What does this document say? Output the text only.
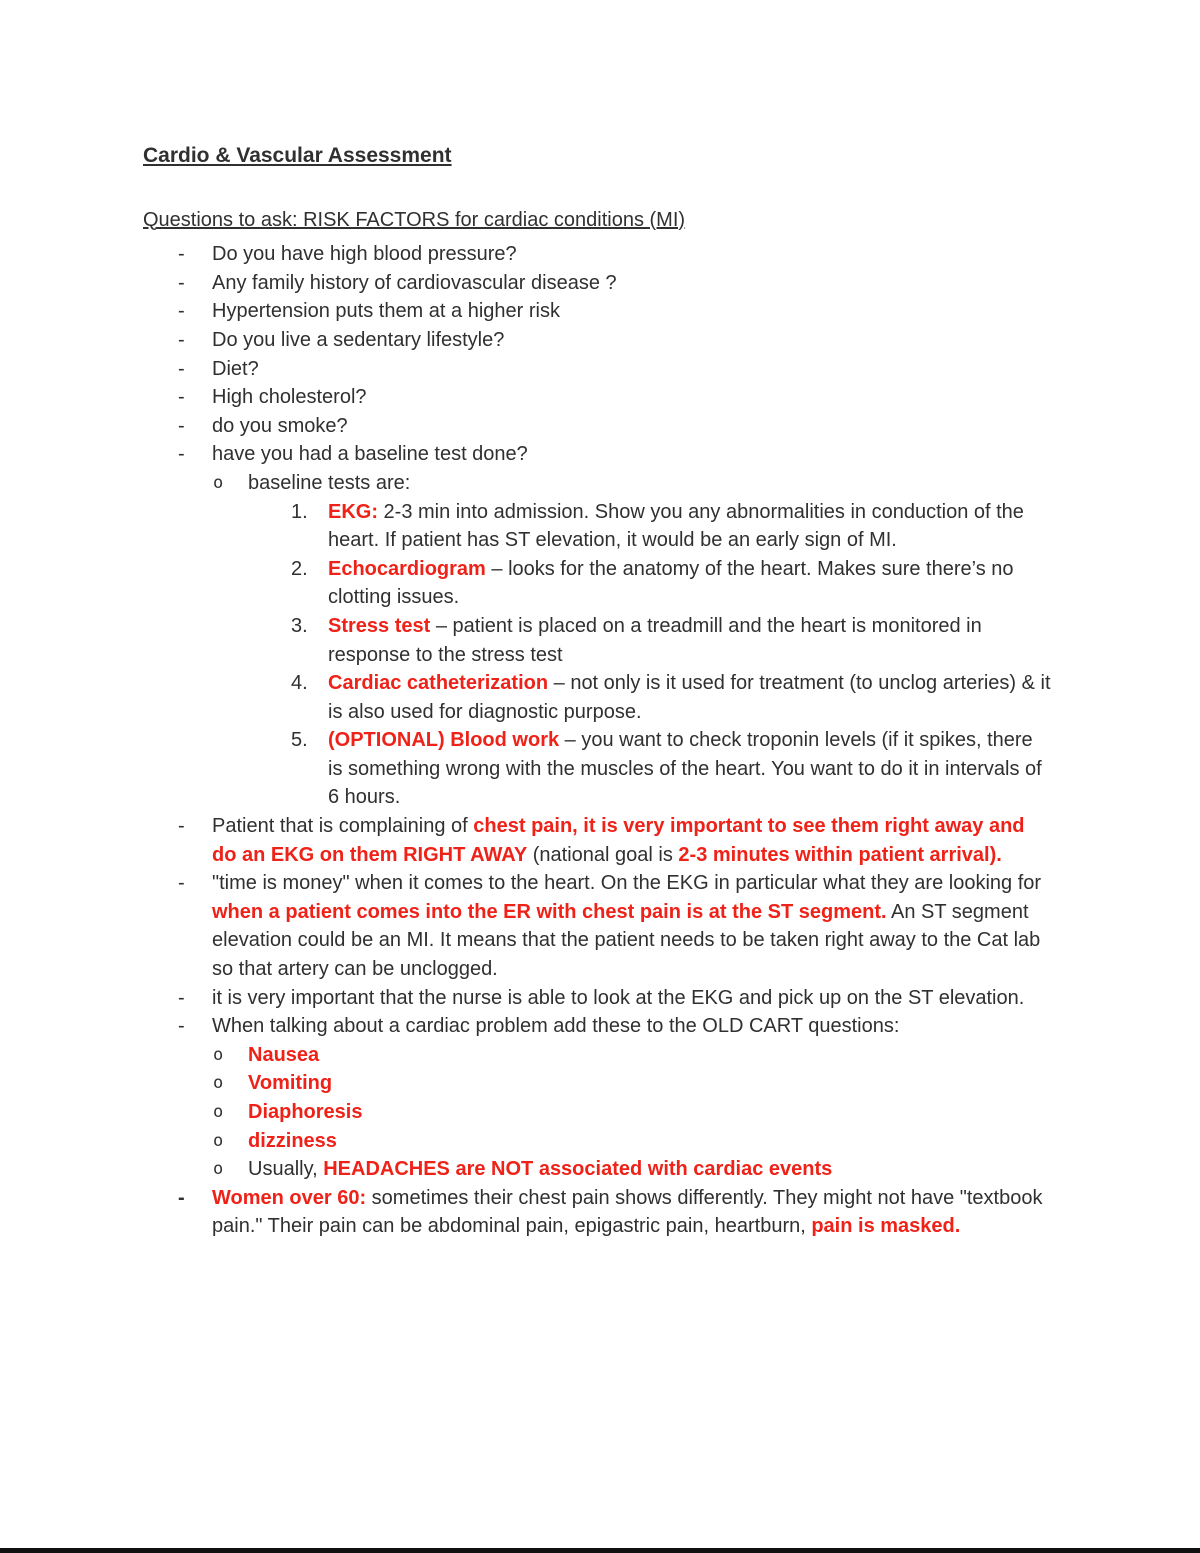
Cardio & Vascular Assessment
Questions to ask: RISK FACTORS for cardiac conditions (MI)
-	Do you have high blood pressure?
-	Any family history of cardiovascular disease ?
-	Hypertension puts them at a higher risk
-	Do you live a sedentary lifestyle?
-	Diet?
-	High cholesterol?
-	do you smoke?
-	have you had a baseline test done?
o	baseline tests are:
1.	EKG: 2-3 min into admission. Show you any abnormalities in conduction of the heart. If patient has ST elevation, it would be an early sign of MI.
2.	Echocardiogram – looks for the anatomy of the heart. Makes sure there’s no clotting issues.
3.	Stress test – patient is placed on a treadmill and the heart is monitored in response to the stress test
4.	Cardiac catheterization – not only is it used for treatment (to unclog arteries) & it is also used for diagnostic purpose.
5.	(OPTIONAL) Blood work – you want to check troponin levels (if it spikes, there is something wrong with the muscles of the heart. You want to do it in intervals of 6 hours.
-	Patient that is complaining of chest pain, it is very important to see them right away and do an EKG on them RIGHT AWAY (national goal is 2-3 minutes within patient arrival).
-	"time is money" when it comes to the heart. On the EKG in particular what they are looking for when a patient comes into the ER with chest pain is at the ST segment. An ST segment elevation could be an MI. It means that the patient needs to be taken right away to the Cat lab so that artery can be unclogged.
-	it is very important that the nurse is able to look at the EKG and pick up on the ST elevation.
-	When talking about a cardiac problem add these to the OLD CART questions:
o	Nausea
o	Vomiting
o	Diaphoresis
o	dizziness
o	Usually, HEADACHES are NOT associated with cardiac events
-	Women over 60: sometimes their chest pain shows differently. They might not have "textbook pain." Their pain can be abdominal pain, epigastric pain, heartburn, pain is masked.
